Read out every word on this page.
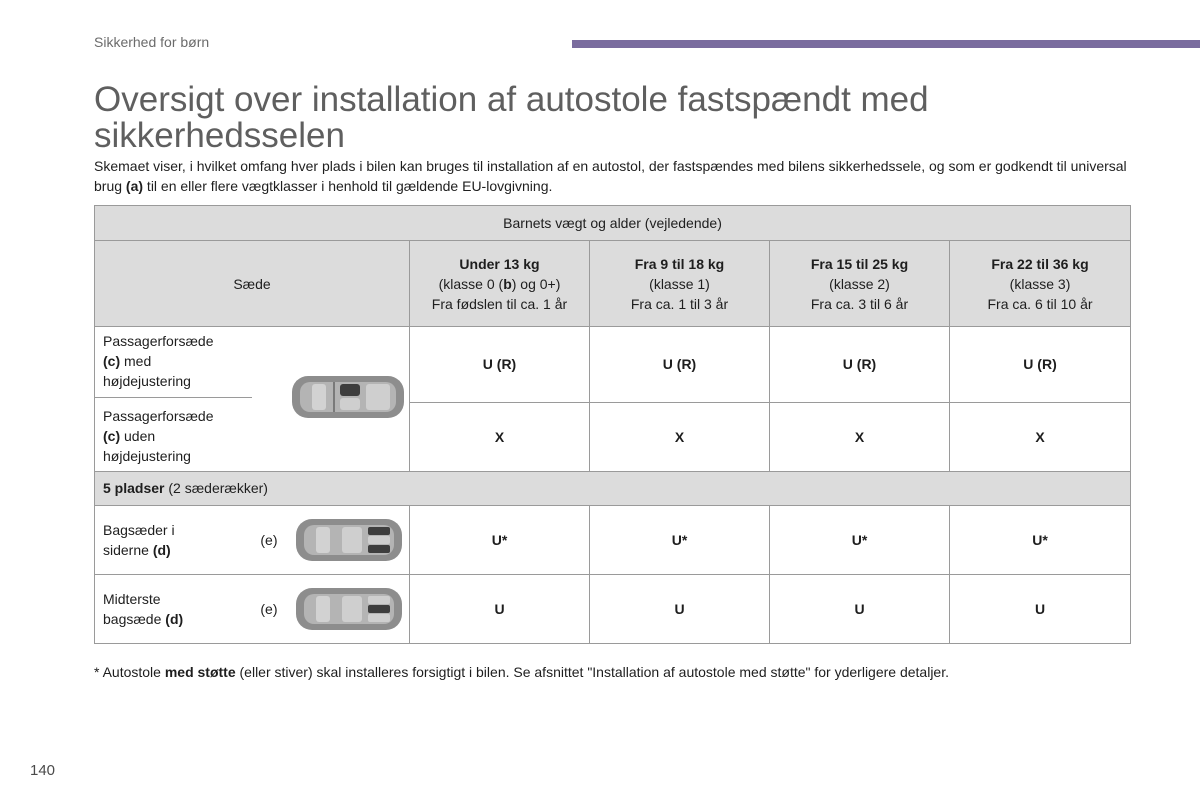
Sikkerhed for børn
Oversigt over installation af autostole fastspændt med
sikkerhedsselen

Skemaet viser, i hvilket omfang hver plads i bilen kan bruges til installation af en autostol, der fastspændes med bilens sikkerhedssele, og som er godkendt til universal brug (a) til en eller flere vægtklasser i henhold til gældende EU-lovgivning.

Barnets vægt og alder (vejledende)					
Sæde		Under 13 kg
(klasse 0 (b) og 0+)
Fra fødslen til ca. 1 år	Fra 9 til 18 kg
(klasse 1)
Fra ca. 1 til 3 år	Fra 15 til 25 kg
(klasse 2)
Fra ca. 3 til 6 år	Fra 22 til 36 kg
(klasse 3)
Fra ca. 6 til 10 år
Passagerforsæde
(c) med
højdejustering		U (R)	U (R)	U (R)	U (R)
Passagerforsæde
(c) uden
højdejustering		X	X	X	X
5 pladser (2 sæderækker)					
Bagsæder i
siderne (d)	(e)	U*	U*	U*	U*
Midterste
bagsæde (d)	(e)	U	U	U	U

* Autostole med støtte (eller stiver) skal installeres forsigtigt i bilen. Se afsnittet "Installation af autostole med støtte" for yderligere detaljer.

140
